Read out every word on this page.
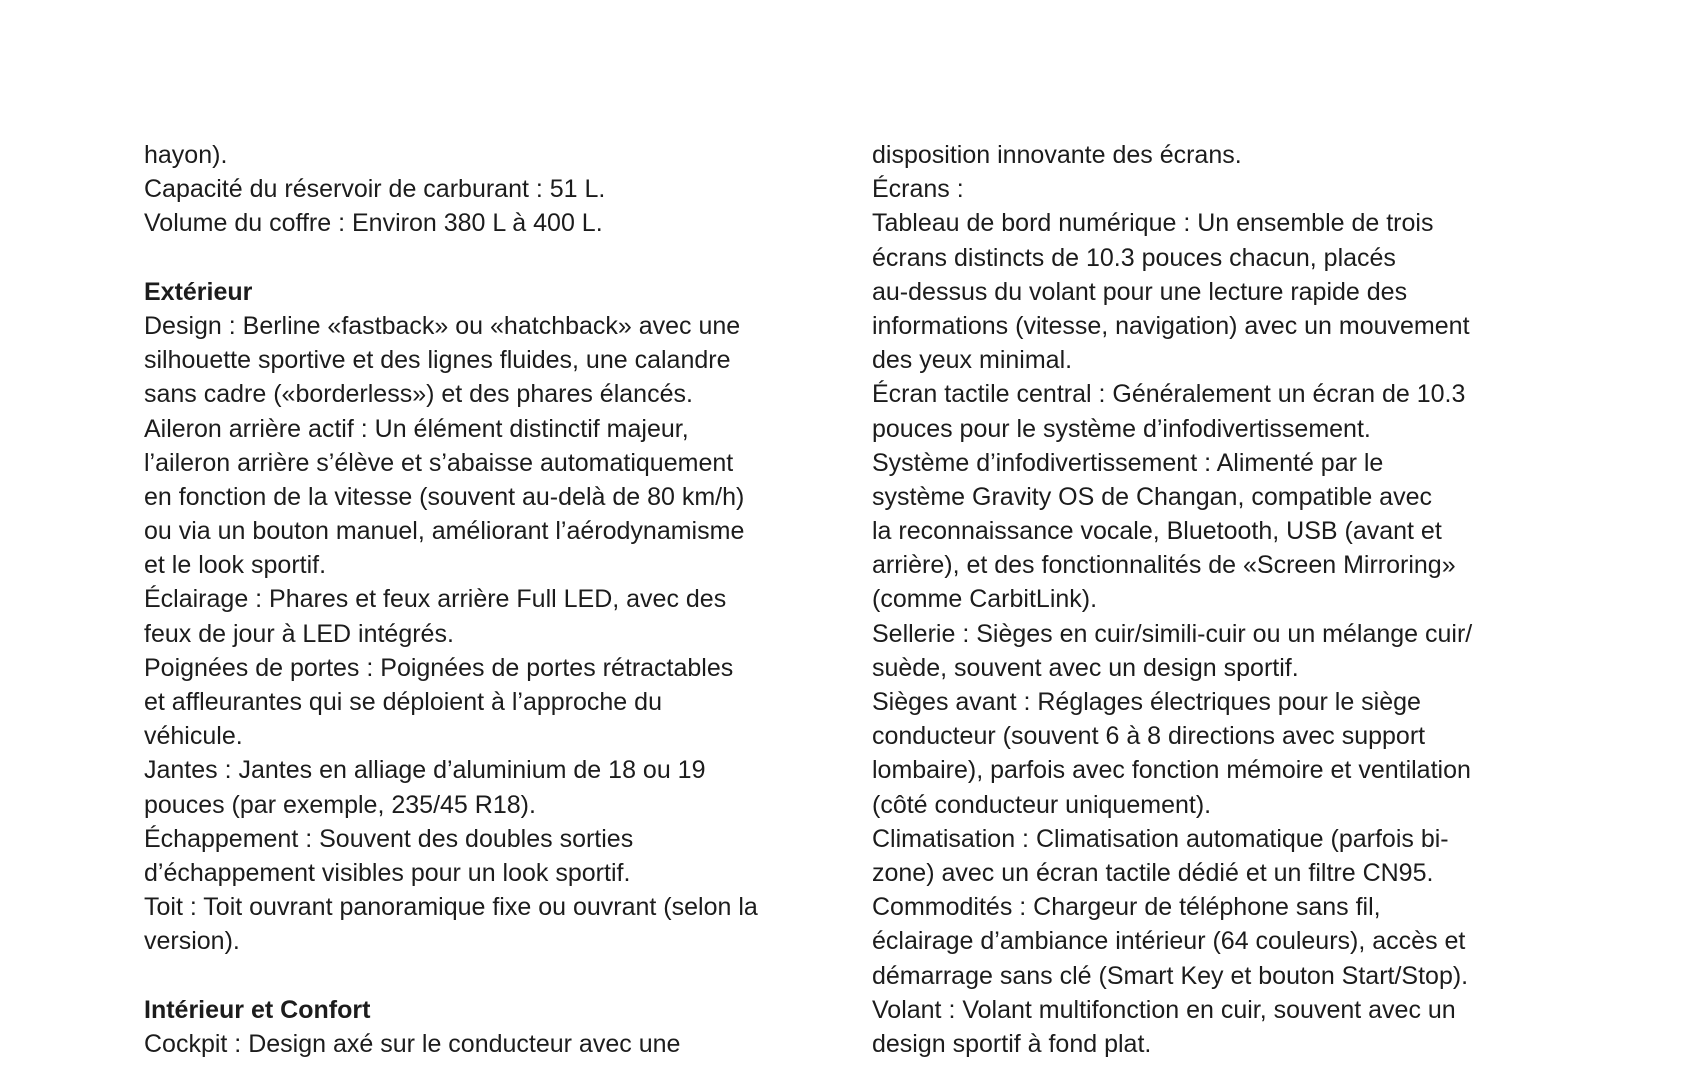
hayon).
Capacité du réservoir de carburant : 51 L.
Volume du coffre : Environ 380 L à 400 L.
Extérieur
Design : Berline «fastback» ou «hatchback» avec une
silhouette sportive et des lignes fluides, une calandre
sans cadre («borderless») et des phares élancés.
Aileron arrière actif : Un élément distinctif majeur,
l’aileron arrière s’élève et s’abaisse automatiquement
en fonction de la vitesse (souvent au-delà de 80 km/h)
ou via un bouton manuel, améliorant l’aérodynamisme
et le look sportif.
Éclairage : Phares et feux arrière Full LED, avec des
feux de jour à LED intégrés.
Poignées de portes : Poignées de portes rétractables
et affleurantes qui se déploient à l’approche du
véhicule.
Jantes : Jantes en alliage d’aluminium de 18 ou 19
pouces (par exemple, 235/45 R18).
Échappement : Souvent des doubles sorties
d’échappement visibles pour un look sportif.
Toit : Toit ouvrant panoramique fixe ou ouvrant (selon la
version).
Intérieur et Confort
Cockpit : Design axé sur le conducteur avec une
disposition innovante des écrans.
Écrans :
Tableau de bord numérique : Un ensemble de trois
écrans distincts de 10.3 pouces chacun, placés
au-dessus du volant pour une lecture rapide des
informations (vitesse, navigation) avec un mouvement
des yeux minimal.
Écran tactile central : Généralement un écran de 10.3
pouces pour le système d’infodivertissement.
Système d’infodivertissement : Alimenté par le
système Gravity OS de Changan, compatible avec
la reconnaissance vocale, Bluetooth, USB (avant et
arrière), et des fonctionnalités de «Screen Mirroring»
(comme CarbitLink).
Sellerie : Sièges en cuir/simili-cuir ou un mélange cuir/
suède, souvent avec un design sportif.
Sièges avant : Réglages électriques pour le siège
conducteur (souvent 6 à 8 directions avec support
lombaire), parfois avec fonction mémoire et ventilation
(côté conducteur uniquement).
Climatisation : Climatisation automatique (parfois bi-
zone) avec un écran tactile dédié et un filtre CN95.
Commodités : Chargeur de téléphone sans fil,
éclairage d’ambiance intérieur (64 couleurs), accès et
démarrage sans clé (Smart Key et bouton Start/Stop).
Volant : Volant multifonction en cuir, souvent avec un
design sportif à fond plat.
